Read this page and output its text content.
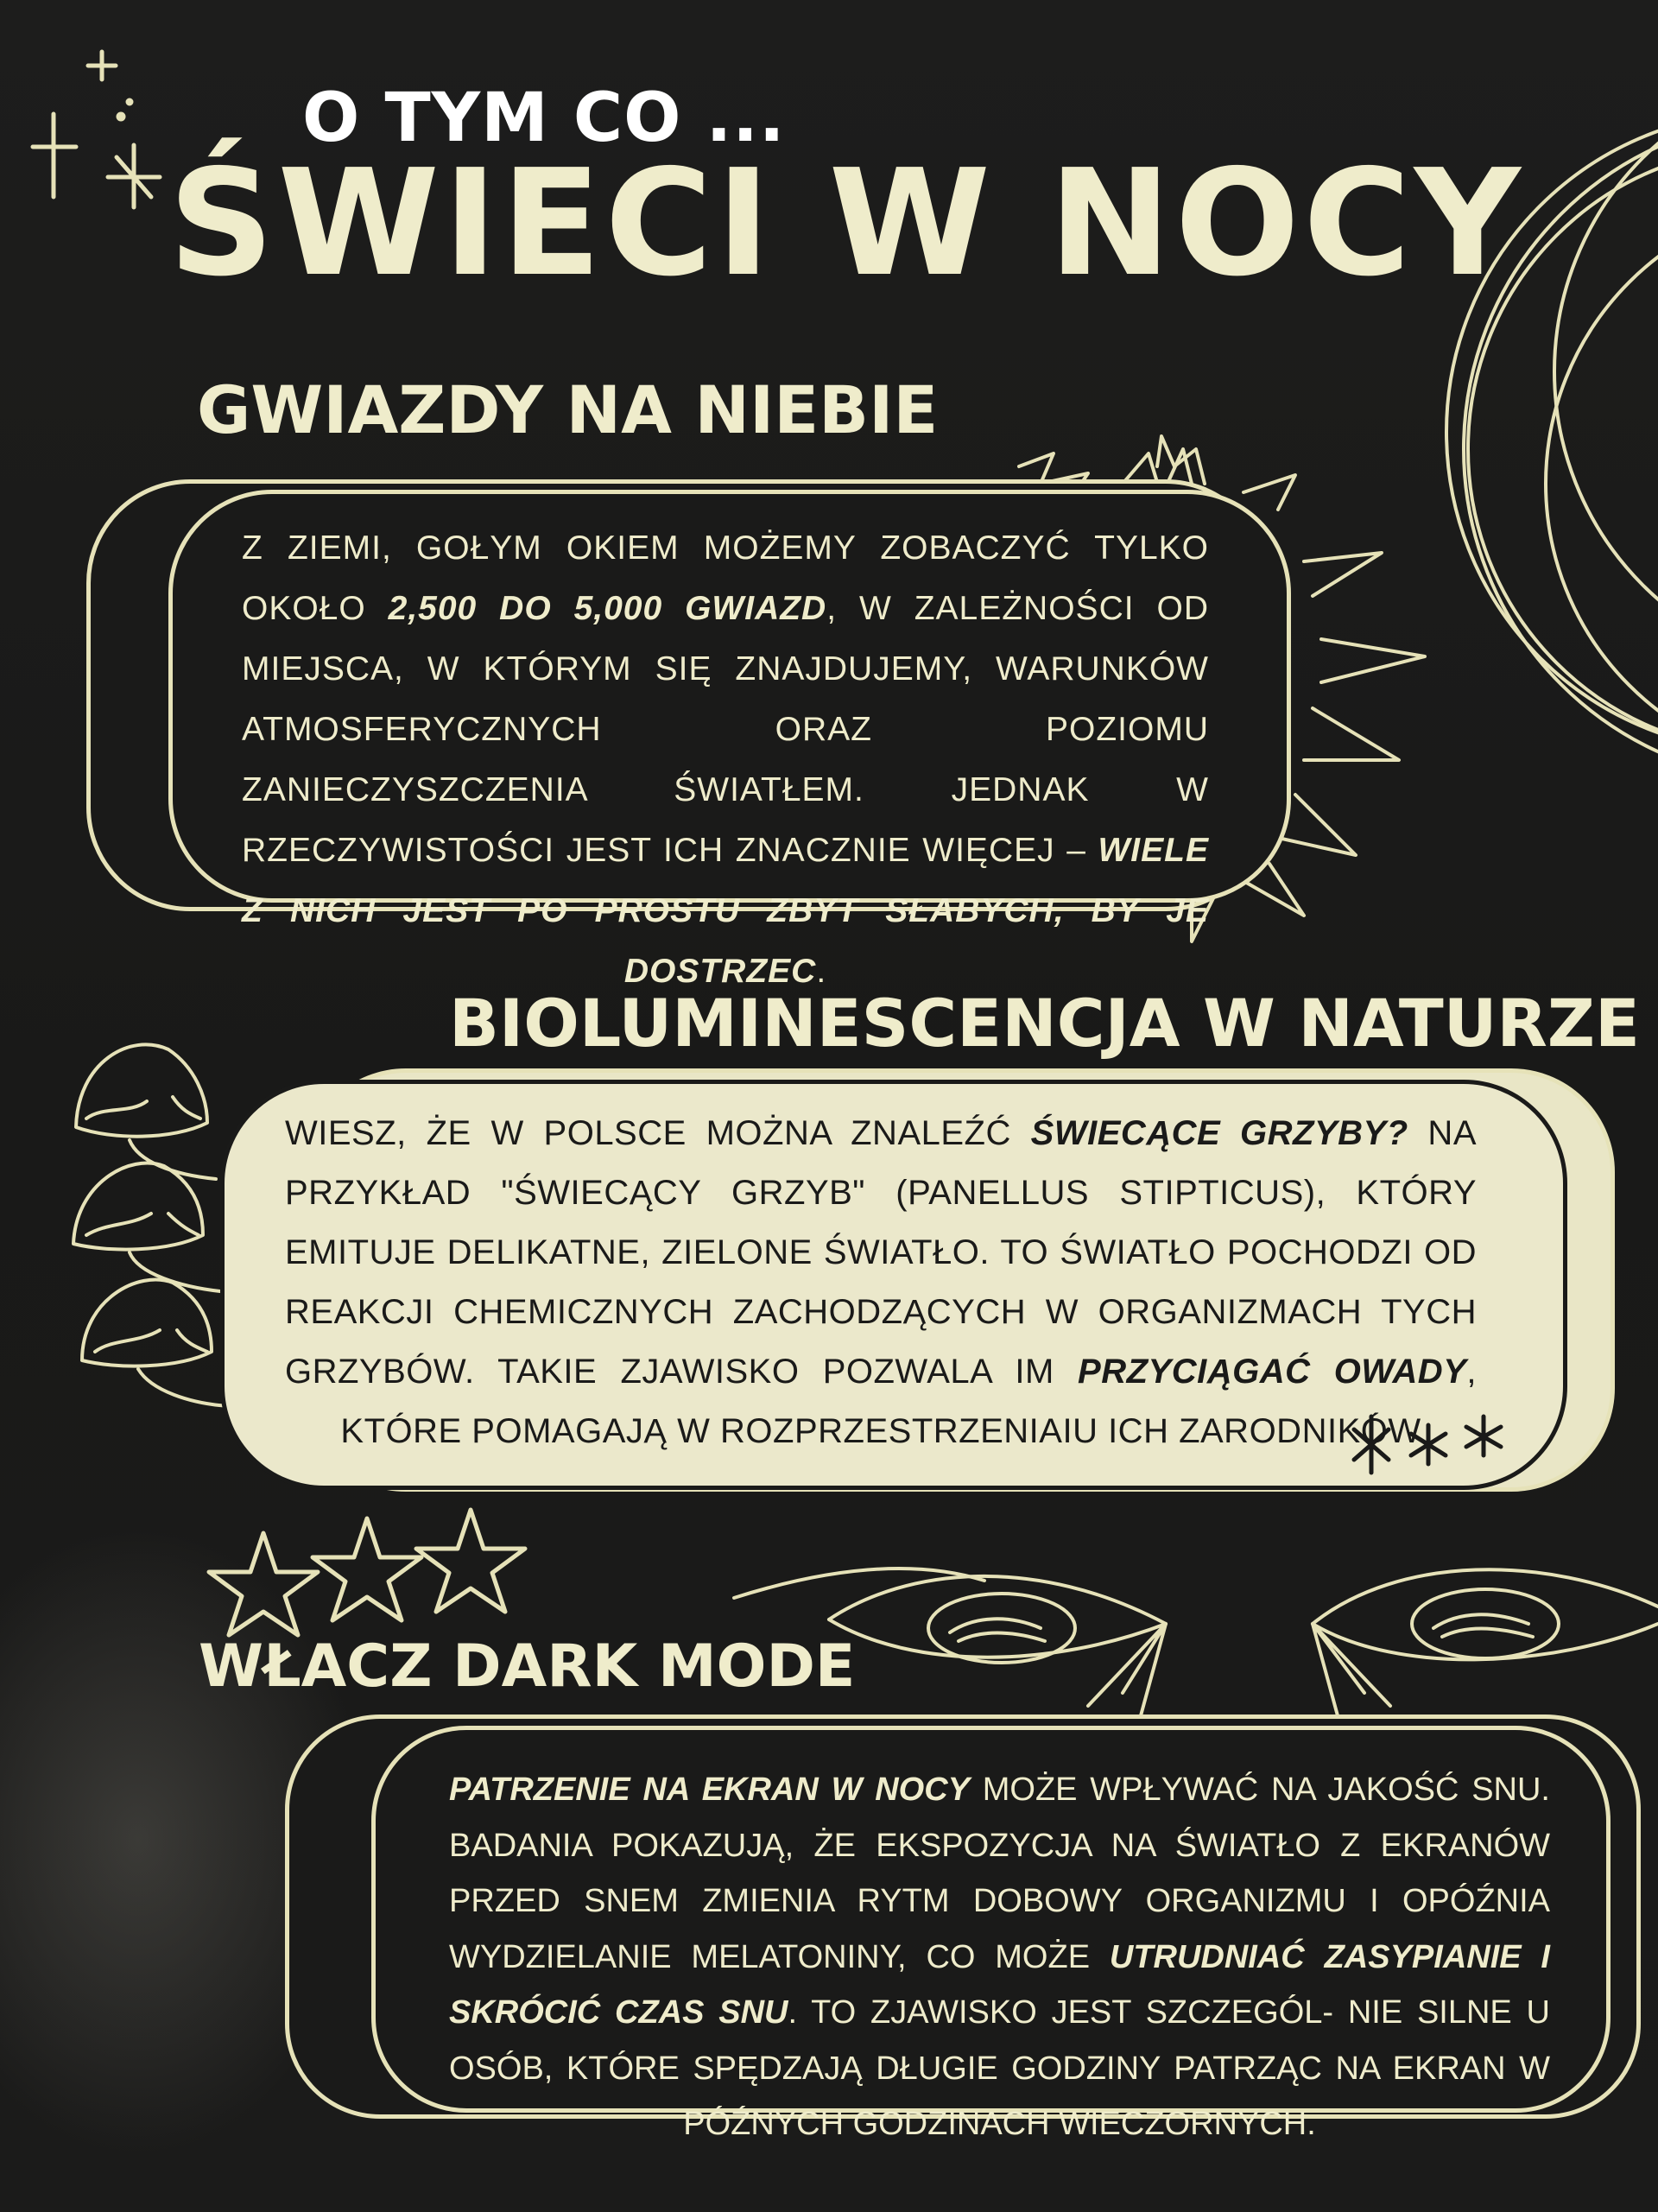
O TYM CO ...
ŚWIECI W NOCY
GWIAZDY NA NIEBIE

Z ZIEMI, GOŁYM OKIEM MOŻEMY ZOBACZYĆ TYLKO OKOŁO 2,500 DO 5,000 GWIAZD, W ZALEŻNOŚCI OD MIEJSCA, W KTÓRYM SIĘ ZNAJDUJEMY, WARUNKÓW ATMOSFERYCZNYCH ORAZ POZIOMU ZANIECZYSZCZENIA ŚWIATŁEM. JEDNAK W RZECZYWISTOŚCI JEST ICH ZNACZNIE WIĘCEJ – WIELE Z NICH JEST PO PROSTU ZBYT SŁABYCH, BY JE DOSTRZEC.

BIOLUMINESCENCJA W NATURZE

WIESZ, ŻE W POLSCE MOŻNA ZNALEŹĆ ŚWIECĄCE GRZYBY? NA PRZYKŁAD "ŚWIECĄCY GRZYB" (PANELLUS STIPTICUS), KTÓRY EMITUJE DELIKATNE, ZIELONE ŚWIATŁO. TO ŚWIATŁO POCHODZI OD REAKCJI CHEMICZNYCH ZACHODZĄCYCH W ORGANIZMACH TYCH GRZYBÓW. TAKIE ZJAWISKO POZWALA IM PRZYCIĄGAĆ OWADY, KTÓRE POMAGAJĄ W ROZPRZESTRZENIAIU ICH ZARODNIKÓW

WŁACZ DARK MODE

PATRZENIE NA EKRAN W NOCY MOŻE WPŁYWAĆ NA JAKOŚĆ SNU. BADANIA POKAZUJĄ, ŻE EKSPOZYCJA NA ŚWIATŁO Z EKRANÓW PRZED SNEM ZMIENIA RYTM DOBOWY ORGANIZMU I OPÓŹNIA WYDZIELANIE MELATONINY, CO MOŻE UTRUDNIAĆ ZASYPIANIE I SKRÓCIĆ CZAS SNU. TO ZJAWISKO JEST SZCZEGÓL- NIE SILNE U OSÓB, KTÓRE SPĘDZAJĄ DŁUGIE GODZINY PATRZĄC NA EKRAN W PÓŹNYCH GODZINACH WIECZORNYCH.
